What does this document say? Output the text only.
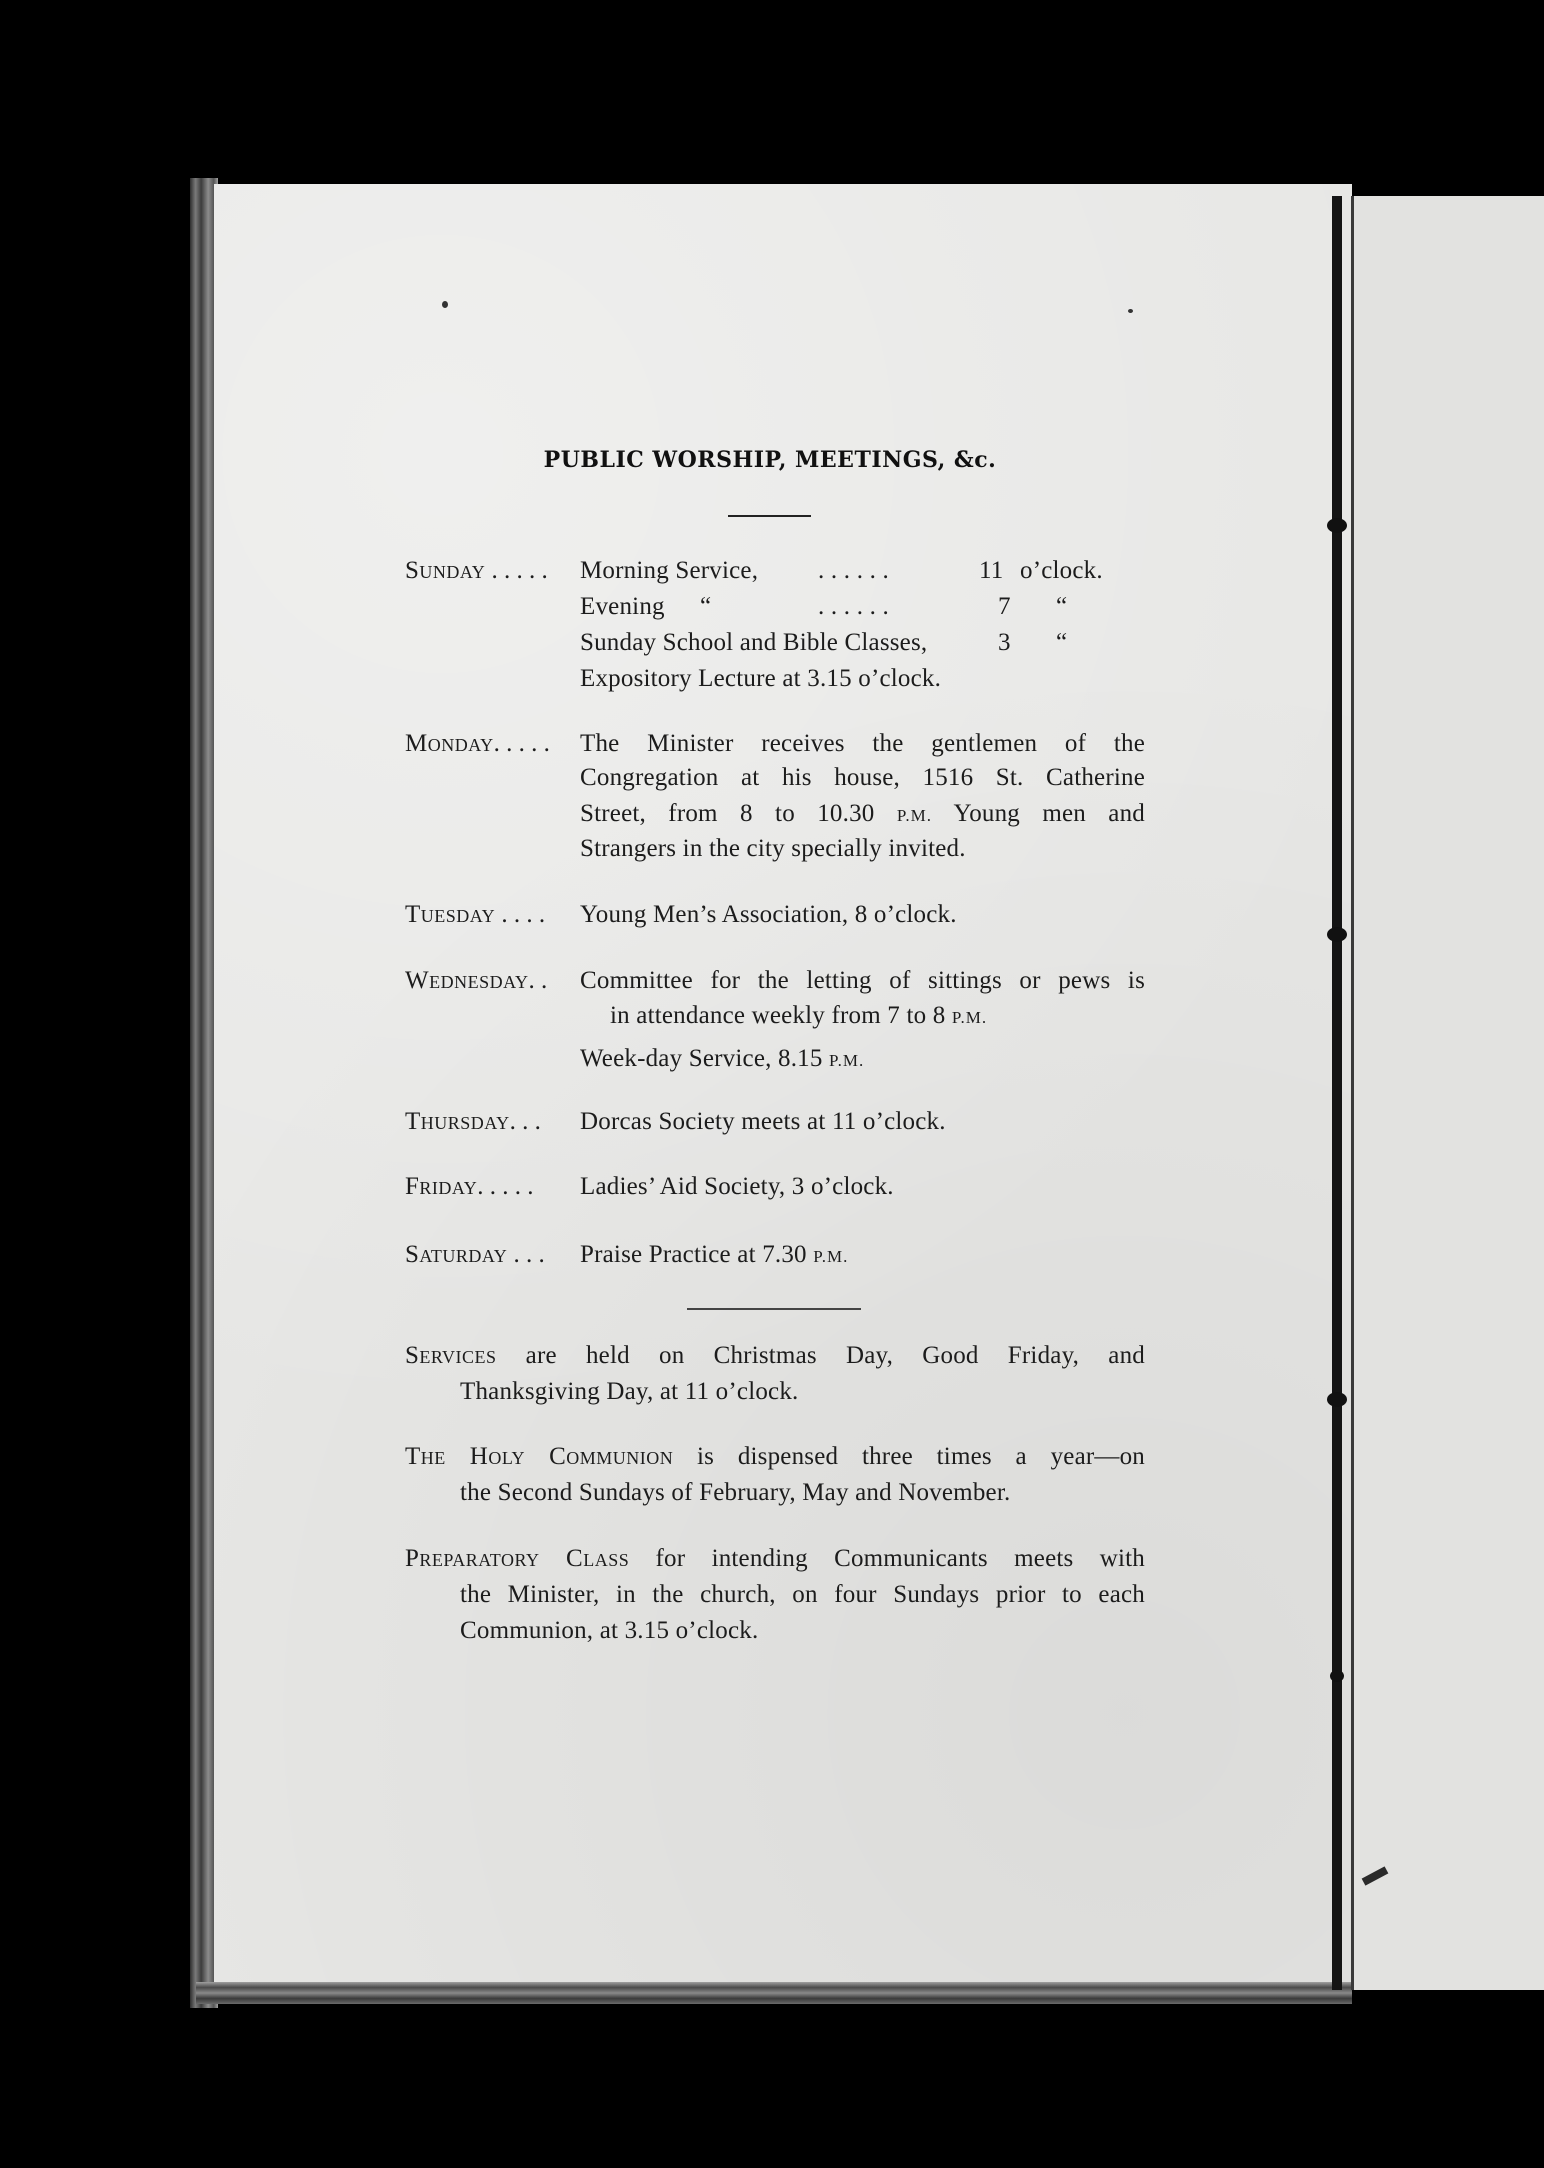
PUBLIC WORSHIP, MEETINGS, &c.
Sunday . . . . .	Morning Service, . . . . . .	11 o’clock.
Evening “	. . . . . .	7 “
Sunday School and Bible Classes,	3 “
Expository Lecture at 3.15 o’clock.
Monday. . . . .	The Minister receives the gentlemen of the
Congregation at his house, 1516 St. Catherine
Street, from 8 to 10.30 P.M. Young men and
Strangers in the city specially invited.
Tuesday . . . .	Young Men’s Association, 8 o’clock.
Wednesday. .	Committee for the letting of sittings or pews is
in attendance weekly from 7 to 8 P.M.
Week-day Service, 8.15 P.M.
Thursday. . .	Dorcas Society meets at 11 o’clock.
Friday. . . . .	Ladies’ Aid Society, 3 o’clock.
Saturday . . .	Praise Practice at 7.30 P.M.
Services are held on Christmas Day, Good Friday, and
Thanksgiving Day, at 11 o’clock.
The Holy Communion is dispensed three times a year—on
the Second Sundays of February, May and November.
Preparatory Class for intending Communicants meets with
the Minister, in the church, on four Sundays prior to each
Communion, at 3.15 o’clock.
